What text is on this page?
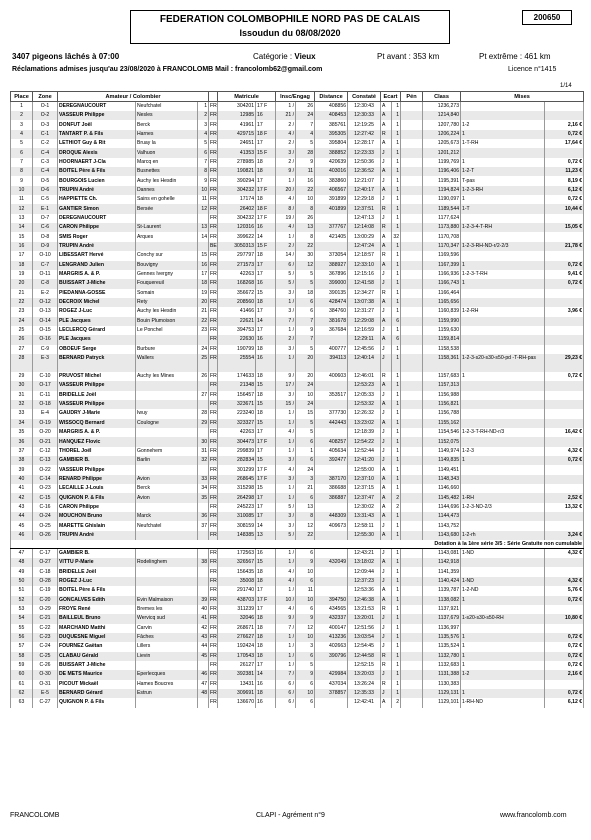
FEDERATION COLOMBOPHILE NORD PAS DE CALAIS
Issoudun du 08/08/2020
200650
3407 pigeons lâchés à 07:00	Catégorie : Vieux	Pt avant : 353 km	Pt extrême : 461 km
Réclamations admises jusqu'au 23/08/2020 à FRANCOLOMB Mail : francolomb62@gmail.com	Licence n°1415
1/14
Place	Zone	Amateur / Colombier				Matricule		Insc/Engag		Distance	Constaté	Ecart		Pén	Class	Mises	
1	O-1	DEREGNAUCOURT	Neufchatel	1	FR	304201	17 F	1 /	26	408856	12:30:43	A	1		1236,273		
2	O-2	VASSEUR Philippe	Nesles	2	FR	12985	16	21 /	24	408453	12:30:33	A	1		1214,840		
3	O-3	DONFUT Joël	Berck	3	FR	41961	17	2 /	7	385761	12:19:25	A	1		1207,780	1-2	2,16 €
4	C-1	TANTART P. & Fils	Harnes	4	FR	429715	18 F	4 /	4	395305	12:27:42	R	1		1206,224	1	0,72 €
5	C-2	LETHIOT Guy & Rit	Bruay la	5	FR	24651	17	2 /	5	395804	12:28:17	A	1		1205,673	1-T-RH	17,64 €
6	C-4	DROQUE Alexis	Valhuon	6	FR	41353	15 F	3 /	28	388852	12:23:33	J	1		1201,212		
7	C-3	HOORNAERT J-Cla	Marcq en	7	FR	278985	18	2 /	9	420639	12:50:36	J	1		1199,769	1	0,72 €
8	C-4	BOITEL Père & Fils	Busnettes	8	FR	190821	18	9 /	11	403016	12:36:52	A	1		1196,406	1-2-T	11,23 €
9	O-5	BOURGOIS Lucien	Auchy les Hesdin	9	FR	390294	17	1 /	16	383860	12:21:07	J	1		1195,391	T-pas	8,19 €
10	O-6	TRUPIN André	Dannes	10	FR	304232	17 F	20 /	22	406567	12:40:17	A	1		1194,824	1-2-3-RH	6,12 €
11	C-5	HAPPIETTE Ch.	Sains en gohelle	11	FR	17174	18	4 /	10	391899	12:29:18	J	1		1190,097	1	0,72 €
12	E-1	GANTIER Simon	Bersée	12	FR	26402	18 F	8 /	8	401899	12:37:51	R	1		1189,544	1-T	10,44 €
13	O-7	DEREGNAUCOURT			FR	304232	17 F	19 /	26		12:47:13	J	1		1177,624		
14	C-6	CARON Philippe	St-Laurent	13	FR	120316	16	4 /	13	377767	12:14:08	R	1		1173,880	1-2-3-4-T-RH	15,05 €
15	O-8	SMIS Roger	Arques	14	FR	399622	14	1 /	8	421405	13:00:29	A	32		1170,708		
16	O-9	TRUPIN André			BE	3050313	15 F	2 /	22		12:47:24	A	1		1170,347	1-2-3-RH-ND-r/2-2/3	21,78 €
17	O-10	LIBESSART Hervé	Conchy sur	15	FR	297797	18	14 /	30	373054	12:18:57	R	1		1169,596		
18	C-7	LENGRAND Julien	Bouvigny	16	FR	271573	17	6 /	12	388927	12:33:10	A	1		1167,399	1	0,72 €
19	O-11	MARGRIS A. & P.	Gennes Ivergny	17	FR	42263	17	5 /	5	367896	12:15:16	J	1		1166,936	1-2-3-T-RH	9,41 €
20	C-8	BUISSART J-Miche	Fouquereuil	18	FR	168268	16	5 /	5	399000	12:41:58	J	1		1166,743	1	0,72 €
21	E-2	PIEDANNA-GOSSE	Somain	19	FR	356672	15	3 /	18	390135	12:34:27	R	1		1166,464		
22	O-12	DECROIX Michel	Rety	20	FR	208560	18	1 /	6	428474	13:07:38	A	1		1165,656		
23	O-13	ROGEZ J-Luc	Auchy les Hesdin	21	FR	41466	17	3 /	6	384760	12:31:27	J	1		1160,839	1-2-RH	3,96 €
24	O-14	PLE Jacques	Bouin Plumoison	22	FR	22621	14	7 /	7	381678	12:29:08	A	6		1159,990		
25	O-15	LECLERCQ Gérard	Le Ponchel	23	FR	394753	17	1 /	9	367684	12:16:59	J	1		1159,630		
26	O-16	PLE Jacques			FR	22630	16	2 /	7		12:29:11	A	6		1159,814		
27	C-9	OBOEUF Serge	Burbure	24	FR	190799	18	3 /	5	400777	12:45:56	J	1		1158,538		
28	E-3	BERNARD Patryck	Wallers	25	FR	25554	16	1 /	20	394113	12:40:14	J	1		1158,361	1-2-3-s20-s30-s50-pd -T-RH-pas	29,23 €
29	C-10	PRUVOST Michel	Auchy les Mines	26	FR	174633	18	9 /	20	400603	12:46:01	R	1		1157,683	1	0,72 €
30	O-17	VASSEUR Philippe			FR	21348	15	17 /	24		12:53:23	A	1		1157,313		
31	C-11	BRIDELLE Joël		27	FR	156457	18	3 /	10	353517	12:05:33	J	1		1156,988		
32	O-18	VASSEUR Philippe			FR	323671	15	15 /	24		12:53:32	A	1		1156,821		
33	E-4	GAUDRY J-Marie	Iwuy	28	FR	223240	18	1 /	15	377730	12:26:32	J	1		1156,788		
34	O-19	WISSOCQ Bernard	Coulogne	29	FR	323327	15	1 /	5	442443	13:23:02	A	1		1155,162		
35	O-20	MARGRIS A. & P.			FR	42263	17	4 /	5		12:18:39	J	1		1154,546	1-2-3-T-RH-ND-r/3	16,42 €
36	O-21	HANQUEZ Flovic		30	FR	304473	17 F	1 /	6	408257	12:54:22	J	1		1152,075		
37	C-12	THOREL Joël	Gonnehem	31	FR	299839	17	1 /	1	405634	12:52:44	J	1		1149,974	1-2-3	4,32 €
38	C-13	GAMBIER B.	Barlin	32	FR	282834	15	3 /	6	392477	12:41:20	J	1		1149,835	1	0,72 €
39	O-22	VASSEUR Philippe			FR	301299	17 F	4 /	24		12:55:00	A	1		1149,451		
40	C-14	RENARD Philippe	Avion	33	FR	268645	17 F	3 /	3	387170	12:37:10	A	1		1148,343		
41	O-23	LECAILLE J-Louis	Berck	34	FR	315298	15	1 /	21	386688	12:37:15	A	1		1146,660		
42	C-15	QUIGNON P. & Fils	Avion	35	FR	264298	17	1 /	6	386887	12:37:47	A	2		1145,482	1-RH	2,52 €
43	C-16	CARON Philippe			FR	245223	17	5 /	13		12:30:02	A	2		1144,696	1-2-3-ND-2/3	13,32 €
44	O-24	MOUCHON Bruno	Marck	36	FR	310085	17	3 /	8	448309	13:31:43	A	1		1144,473		
45	O-25	MARETTE Ghislain	Neufchatel	37	FR	308159	14	3 /	12	409673	12:58:11	J	1		1143,752		
46	O-26	TRUPIN André			FR	148385	13	5 /	22		12:55:30	A	1		1143,680	1-2-rh	3,24 €
Dotation à la 1ère série 3/5 : Série Gratuite non cumulable																	
47	C-17	GAMBIER B.			FR	172563	16	1 /	6		12:43:21	J	1		1143,081	1-ND	4,32 €
48	O-27	VITTU P-Marie	Rodelinghem	38	FR	326567	15	1 /	9	432049	13:18:02	A	1		1142,918		
49	C-18	BRIDELLE Joël			FR	156435	18	4 /	10		12:09:44	J	1		1141,359		
50	O-28	ROGEZ J-Luc			FR	35008	18	4 /	6		12:37:23	J	1		1140,424	1-ND	4,32 €
51	C-19	BOITEL Père & Fils			FR	291740	17	1 /	11		12:53:36	A	1		1139,787	1-2-ND	5,76 €
52	C-20	GONCALVES Edith	Evin Malmaison	39	FR	438703	17 F	10 /	10	394750	12:46:38	A	1		1138,082	1	0,72 €
53	O-29	FROYE René	Bremes les	40	FR	311239	17	4 /	6	434565	13:21:53	R	1		1137,921		
54	C-21	BAILLEUL Bruno	Wervicq sud	41	FR	32046	18	9 /	9	432337	13:20:01	J	1		1137,679	1-s20-s30-s50-RH	10,80 €
55	C-22	MARCHAND Matthi	Carvin	42	FR	268671	18	7 /	12	400147	12:51:56	J	1		1136,997		
56	C-23	DUQUESNE Miguel	Fâches	43	FR	276627	18	1 /	10	413236	13:03:54	J	1		1135,576	1	0,72 €
57	C-24	FOURNEZ Gaëtan	Lillers	44	FR	192424	18	1 /	3	402663	12:54:45	J	1		1135,524	1	0,72 €
58	C-25	CLABAU Gérald	Lievin	45	FR	170543	18	1 /	6	390796	12:44:58	R	1		1132,780	1	0,72 €
59	C-26	BUISSART J-Miche			FR	26127	17	1 /	5		12:52:15	R	1		1132,683	1	0,72 €
60	O-30	DE METS Maurice	Eperlecques	46	FR	392381	14	7 /	9	429984	13:20:03	J	1		1131,388	1-2	2,16 €
61	O-31	PICOUT Mickaël	Hames Boucres	47	FR	13431	16	6 /	6	437034	13:26:24	R	1		1130,383		
62	E-5	BERNARD Gérard	Estrun	48	FR	309691	18	6 /	10	378857	12:35:33	J	1		1129,131	1	0,72 €
63	C-27	QUIGNON P. & Fils			FR	136670	16	6 /	6		12:42:41	A	2		1129,101	1-RH-ND	6,12 €
FRANCOLOMB	CLAPI - Agrément n°9	www.francolomb.com
